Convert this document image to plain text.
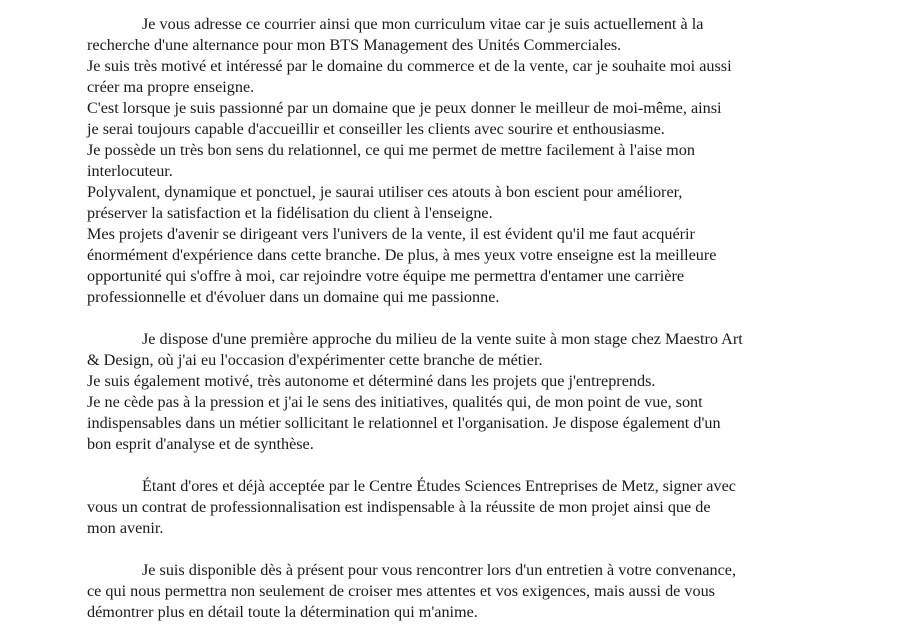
Je vous adresse ce courrier ainsi que mon curriculum vitae car je suis actuellement à la
recherche d'une alternance pour mon BTS Management des Unités Commerciales.
Je suis très motivé et intéressé par le domaine du commerce et de la vente, car je souhaite moi aussi
créer ma propre enseigne.
C'est lorsque je suis passionné par un domaine que je peux donner le meilleur de moi-même, ainsi
je serai toujours capable d'accueillir et conseiller les clients avec sourire et enthousiasme.
Je possède un très bon sens du relationnel, ce qui me permet de mettre facilement à l'aise mon
interlocuteur.
Polyvalent, dynamique et ponctuel, je saurai utiliser ces atouts à bon escient pour améliorer,
préserver la satisfaction et la fidélisation du client à l'enseigne.
Mes projets d'avenir se dirigeant vers l'univers de la vente, il est évident qu'il me faut acquérir
énormément d'expérience dans cette branche. De plus, à mes yeux votre enseigne est la meilleure
opportunité qui s'offre à moi, car rejoindre votre équipe me permettra d'entamer une carrière
professionnelle et d'évoluer dans un domaine qui me passionne.
Je dispose d'une première approche du milieu de la vente suite à mon stage chez Maestro Art
& Design, où j'ai eu l'occasion d'expérimenter cette branche de métier.
Je suis également motivé, très autonome et déterminé dans les projets que j'entreprends.
Je ne cède pas à la pression et j'ai le sens des initiatives, qualités qui, de mon point de vue, sont
indispensables dans un métier sollicitant le relationnel et l'organisation. Je dispose également d'un
bon esprit d'analyse et de synthèse.
Étant d'ores et déjà acceptée par le Centre Études Sciences Entreprises de Metz, signer avec
vous un contrat de professionnalisation est indispensable à la réussite de mon projet ainsi que de
mon avenir.
Je suis disponible dès à présent pour vous rencontrer lors d'un entretien à votre convenance,
ce qui nous permettra non seulement de croiser mes attentes et vos exigences, mais aussi de vous
démontrer plus en détail toute la détermination qui m'anime.
